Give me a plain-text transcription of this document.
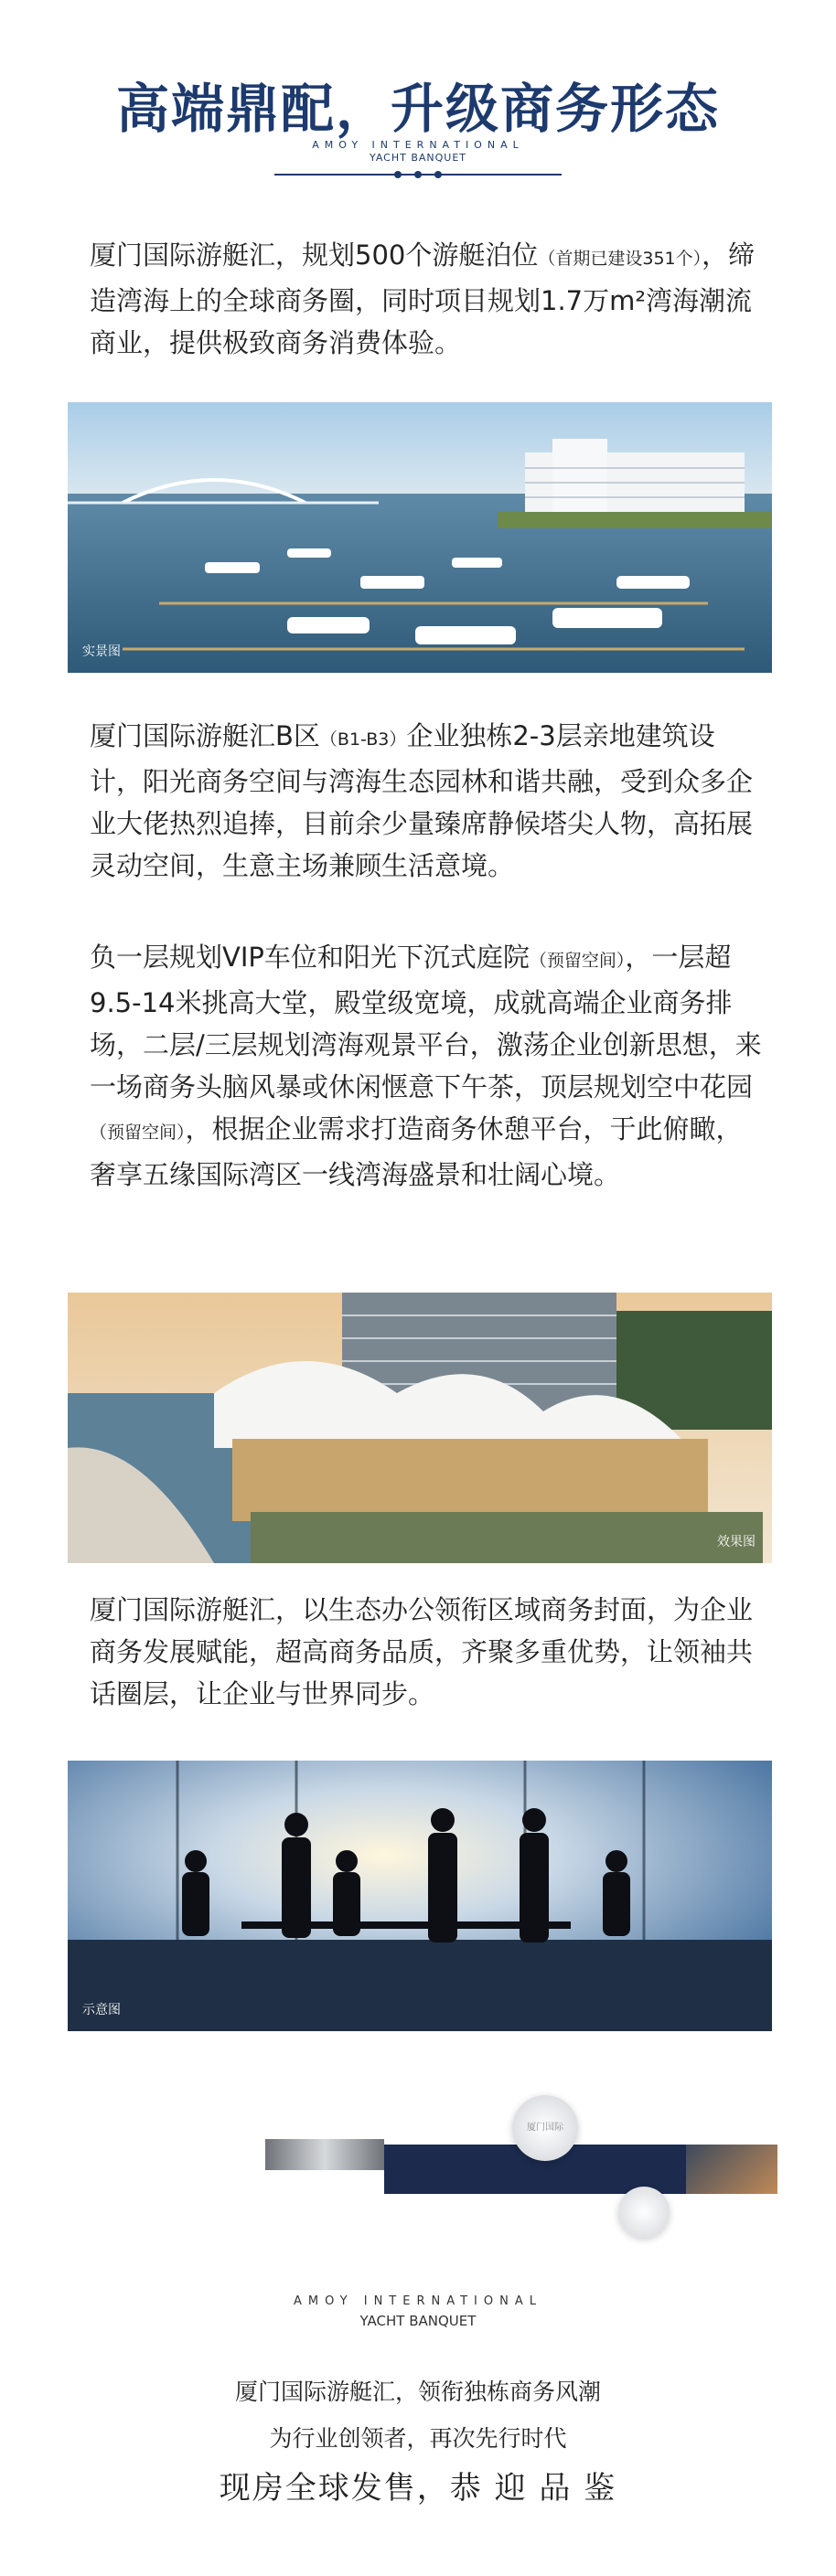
高端鼎配，升级商务形态
AMOY INTERNATIONAL
YACHT BANQUET
厦门国际游艇汇，规划500个游艇泊位（首期已建设351个），缔造湾海上的全球商务圈，同时项目规划1.7万m²湾海潮流商业，提供极致商务消费体验。
实景图
厦门国际游艇汇B区（B1-B3）企业独栋2-3层亲地建筑设计，阳光商务空间与湾海生态园林和谐共融，受到众多企业大佬热烈追捧，目前余少量臻席静候塔尖人物，高拓展灵动空间，生意主场兼顾生活意境。
负一层规划VIP车位和阳光下沉式庭院（预留空间），一层超9.5-14米挑高大堂，殿堂级宽境，成就高端企业商务排场，二层/三层规划湾海观景平台，激荡企业创新思想，来一场商务头脑风暴或休闲惬意下午茶，顶层规划空中花园（预留空间），根据企业需求打造商务休憩平台，于此俯瞰，奢享五缘国际湾区一线湾海盛景和壮阔心境。
效果图
厦门国际游艇汇，以生态办公领衔区域商务封面，为企业商务发展赋能，超高商务品质，齐聚多重优势，让领袖共话圈层，让企业与世界同步。
示意图
厦门国际
AMOY INTERNATIONAL
YACHT BANQUET
厦门国际游艇汇，领衔独栋商务风潮
为行业创领者，再次先行时代
现房全球发售，恭 迎 品 鉴
